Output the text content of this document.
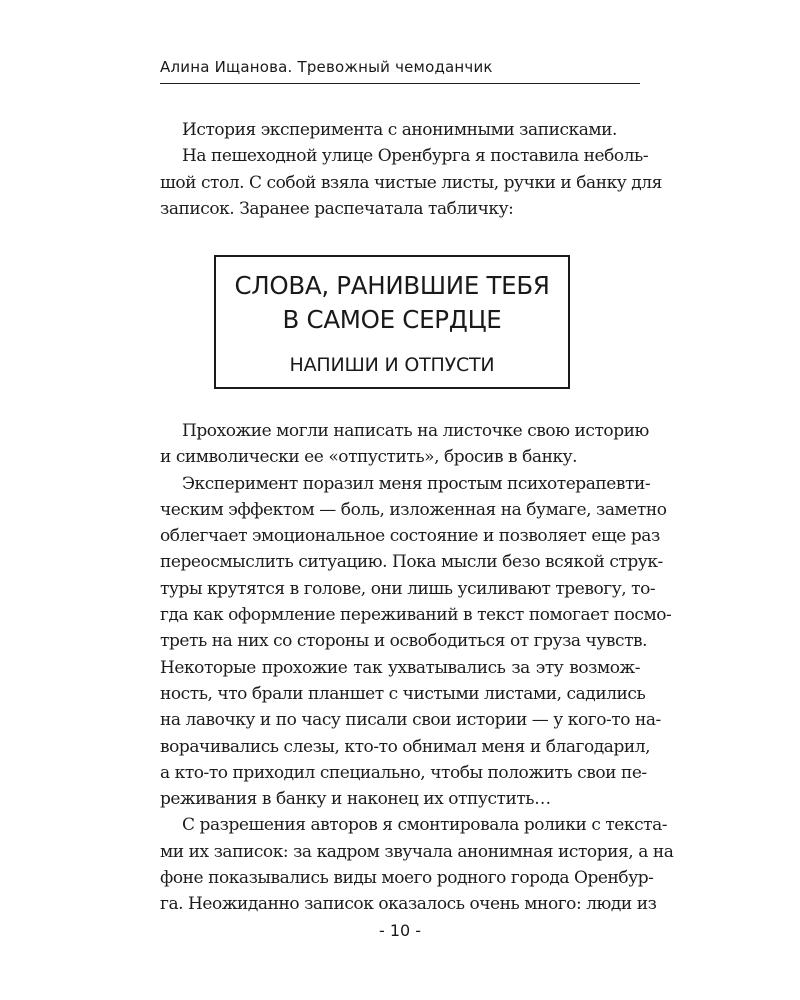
Алина Ищанова. Тревожный чемоданчик
История эксперимента с анонимными записками.
На пешеходной улице Оренбурга я поставила неболь-
шой стол. С собой взяла чистые листы, ручки и банку для
записок. Заранее распечатала табличку:
СЛОВА, РАНИВШИЕ ТЕБЯ
В САМОЕ СЕРДЦЕ
НАПИШИ И ОТПУСТИ
Прохожие могли написать на листочке свою историю
и символически ее «отпустить», бросив в банку.
Эксперимент поразил меня простым психотерапевти-
ческим эффектом — боль, изложенная на бумаге, заметно
облегчает эмоциональное состояние и позволяет еще раз
переосмыслить ситуацию. Пока мысли безо всякой струк-
туры крутятся в голове, они лишь усиливают тревогу, то-
гда как оформление переживаний в текст помогает посмо-
треть на них со стороны и освободиться от груза чувств.
Некоторые прохожие так ухватывались за эту возмож-
ность, что брали планшет с чистыми листами, садились
на лавочку и по часу писали свои истории — у кого-то на-
ворачивались слезы, кто-то обнимал меня и благодарил,
а кто-то приходил специально, чтобы положить свои пе-
реживания в банку и наконец их отпустить…
С разрешения авторов я смонтировала ролики с текста-
ми их записок: за кадром звучала анонимная история, а на
фоне показывались виды моего родного города Оренбур-
га. Неожиданно записок оказалось очень много: люди из
- 10 -
